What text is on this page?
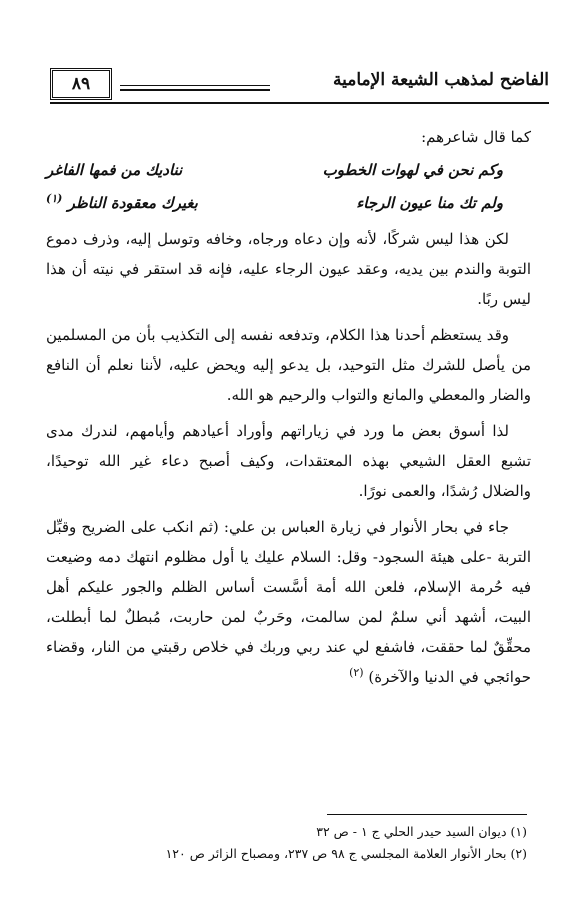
٨٩	الفاضح لمذهب الشيعة الإمامية

كما قال شاعرهم:

وكم نحن في لهوات الخطوب
نناديك من فمها الفاغر
ولم تك منا عيون الرجاء
بغيرك معقودة الناظر $^{(١)}$

لكن هذا ليس شركًا، لأنه وإن دعاه ورجاه، وخافه وتوسل إليه، وذرف دموع التوبة والندم بين يديه، وعقد عيون الرجاء عليه، فإنه قد استقر في نيته أن هذا ليس ربًا.

وقد يستعظم أحدنا هذا الكلام، وتدفعه نفسه إلى التكذيب بأن من المسلمين من يأصل للشرك مثل التوحيد، بل يدعو إليه ويحض عليه، لأننا نعلم أن النافع والضار والمعطي والمانع والتواب والرحيم هو الله.

لذا أسوق بعض ما ورد في زياراتهم وأوراد أعيادهم وأيامهم، لندرك مدى تشبع العقل الشيعي بهذه المعتقدات، وكيف أصبح دعاء غير الله توحيدًا، والضلال رُشدًا، والعمى نورًا.

جاء في بحار الأنوار في زيارة العباس بن علي: (ثم انكب على الضريح وقبِّل التربة -على هيئة السجود- وقل: السلام عليك يا أول مظلوم انتهك دمه وضيعت فيه حُرمة الإسلام، فلعن الله أمة أسَّست أساس الظلم والجور عليكم أهل البيت، أشهد أني سلمٌ لمن سالمت، وحَربٌ لمن حاربت، مُبطلٌ لما أبطلت، محقِّقٌ لما حققت، فاشفع لي عند ربي وربك في خلاص رقبتي من النار، وقضاء حوائجي في الدنيا والآخرة) $^{(٢)}$

(١) ديوان السيد حيدر الحلي ج ١ - ص ٣٢

(٢) بحار الأنوار العلامة المجلسي ج ٩٨ ص ٢٣٧، ومصباح الزائر ص ١٢٠
